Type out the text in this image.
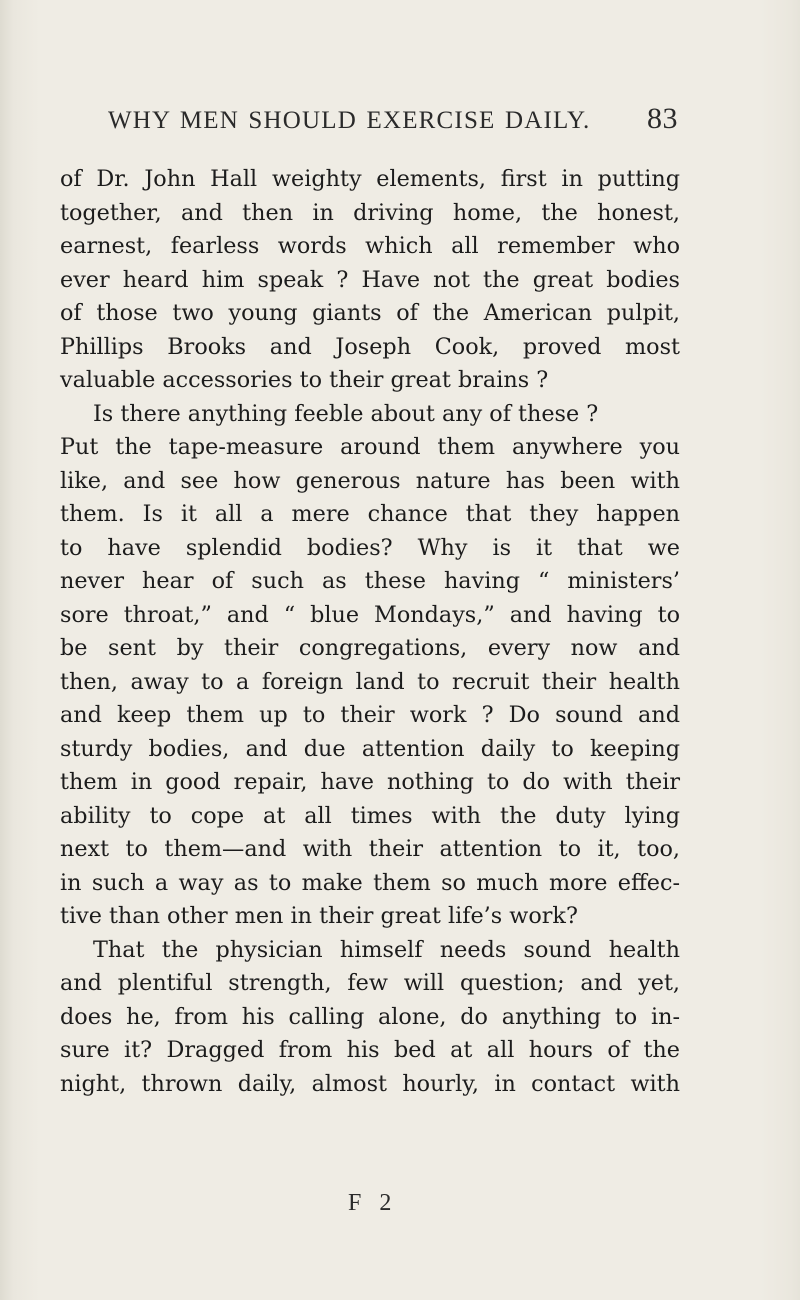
WHY MEN SHOULD EXERCISE DAILY. 83
of Dr. John Hall weighty elements, first in putting
together, and then in driving home, the honest,
earnest, fearless words which all remember who
ever heard him speak ? Have not the great bodies
of those two young giants of the American pulpit,
Phillips Brooks and Joseph Cook, proved most
valuable accessories to their great brains ?
Is there anything feeble about any of these ?
Put the tape-measure around them anywhere you
like, and see how generous nature has been with
them. Is it all a mere chance that they happen
to have splendid bodies? Why is it that we
never hear of such as these having “ ministers’
sore throat,” and “ blue Mondays,” and having to
be sent by their congregations, every now and
then, away to a foreign land to recruit their health
and keep them up to their work ? Do sound and
sturdy bodies, and due attention daily to keeping
them in good repair, have nothing to do with their
ability to cope at all times with the duty lying
next to them—and with their attention to it, too,
in such a way as to make them so much more effec-
tive than other men in their great life’s work?
That the physician himself needs sound health
and plentiful strength, few will question; and yet,
does he, from his calling alone, do anything to in-
sure it? Dragged from his bed at all hours of the
night, thrown daily, almost hourly, in contact with
F 2
